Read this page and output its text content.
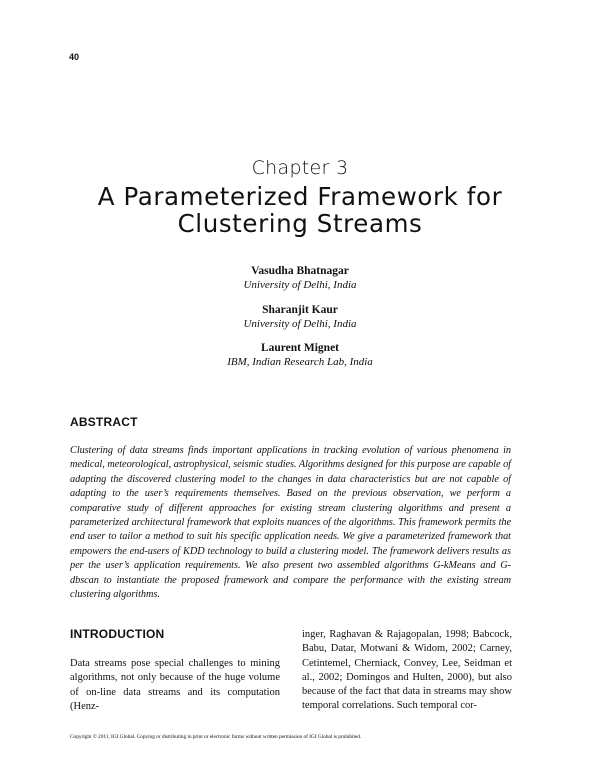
40
Chapter 3
A Parameterized Framework for Clustering Streams
Vasudha Bhatnagar
University of Delhi, India
Sharanjit Kaur
University of Delhi, India
Laurent Mignet
IBM, Indian Research Lab, India
ABSTRACT
Clustering of data streams finds important applications in tracking evolution of various phenomena in medical, meteorological, astrophysical, seismic studies. Algorithms designed for this purpose are capable of adapting the discovered clustering model to the changes in data characteristics but are not capable of adapting to the user’s requirements themselves. Based on the previous observation, we perform a comparative study of different approaches for existing stream clustering algorithms and present a parameterized architectural framework that exploits nuances of the algorithms. This framework permits the end user to tailor a method to suit his specific application needs. We give a parameterized framework that empowers the end-users of KDD technology to build a clustering model. The framework delivers results as per the user’s application requirements. We also present two assembled algorithms G-kMeans and G-dbscan to instantiate the proposed framework and compare the performance with the existing stream clustering algorithms.
INTRODUCTION
Data streams pose special challenges to mining algorithms, not only because of the huge volume of on-line data streams and its computation (Henz-
inger, Raghavan & Rajagopalan, 1998; Babcock, Babu, Datar, Motwani & Widom, 2002; Carney, Cetintemel, Cherniack, Convey, Lee, Seidman et al., 2002; Domingos and Hulten, 2000), but also because of the fact that data in streams may show temporal correlations. Such temporal cor-
Copyright © 2011, IGI Global. Copying or distributing in print or electronic forms without written permission of IGI Global is prohibited.
